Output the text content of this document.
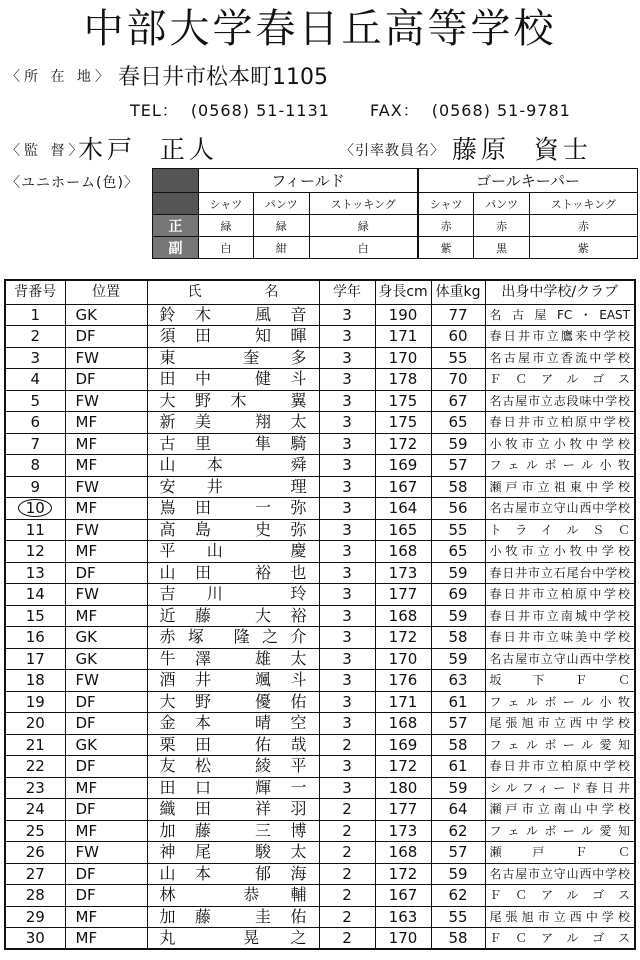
中部大学春日丘高等学校
〈所 在 地〉 春日井市松本町1105
TEL： (0568) 51-1131	FAX： (0568) 51-9781
〈監 督〉
木戸  正人	〈引率教員名〉 藤原  資士
〈ユニホーム(色)〉
		フィールド			ゴールキーパー		
	シャツ	パンツ	ストッキング	シャツ	パンツ	ストッキング
正	緑	緑	緑	赤	赤	赤
副	白	紺	白	紫	黒	紫
背番号	位置	氏 名	学年	身長cm	体重kg	出身中学校/クラブ
1	GK	鈴木 風音	3	190	77	名古屋FC･EAST
2	DF	須田 知暉	3	171	60	春日井市立鷹来中学校
3	FW	東 奎多	3	170	55	名古屋市立香流中学校
4	DF	田中 健斗	3	178	70	ＦＣアルゴス
5	FW	大野木 翼	3	175	67	名古屋市立志段味中学校
6	MF	新美 翔太	3	175	65	春日井市立柏原中学校
7	MF	古里 隼騎	3	172	59	小牧市立小牧中学校
8	MF	山本 舜	3	169	57	フェルボール小牧
9	FW	安井 理	3	167	58	瀬戸市立祖東中学校
10	MF	嶌田 一弥	3	164	56	名古屋市立守山西中学校
11	FW	高島 史弥	3	165	55	トライルＳＣ
12	MF	平山 慶	3	168	65	小牧市立小牧中学校
13	DF	山田 裕也	3	173	59	春日井市立石尾台中学校
14	FW	吉川 玲	3	177	69	春日井市立柏原中学校
15	MF	近藤 大裕	3	168	59	春日井市立南城中学校
16	GK	赤塚 隆之介	3	172	58	春日井市立味美中学校
17	GK	牛澤 雄太	3	170	59	名古屋市立守山西中学校
18	FW	酒井 颯斗	3	176	63	坂下ＦＣ
19	DF	大野 優佑	3	171	61	フェルボール小牧
20	DF	金本 晴空	3	168	57	尾張旭市立西中学校
21	GK	栗田 佑哉	2	169	58	フェルボール愛知
22	DF	友松 綾平	3	172	61	春日井市立柏原中学校
23	MF	田口 輝一	3	180	59	シルフィード春日井
24	DF	織田 祥羽	2	177	64	瀬戸市立南山中学校
25	MF	加藤 三博	2	173	62	フェルボール愛知
26	FW	神尾 駿太	2	168	57	瀬戸ＦＣ
27	DF	山本 郁海	2	172	59	名古屋市立守山西中学校
28	DF	林 恭輔	2	167	62	ＦＣアルゴス
29	MF	加藤 圭佑	2	163	55	尾張旭市立西中学校
30	MF	丸 晃之	2	170	58	ＦＣアルゴス
